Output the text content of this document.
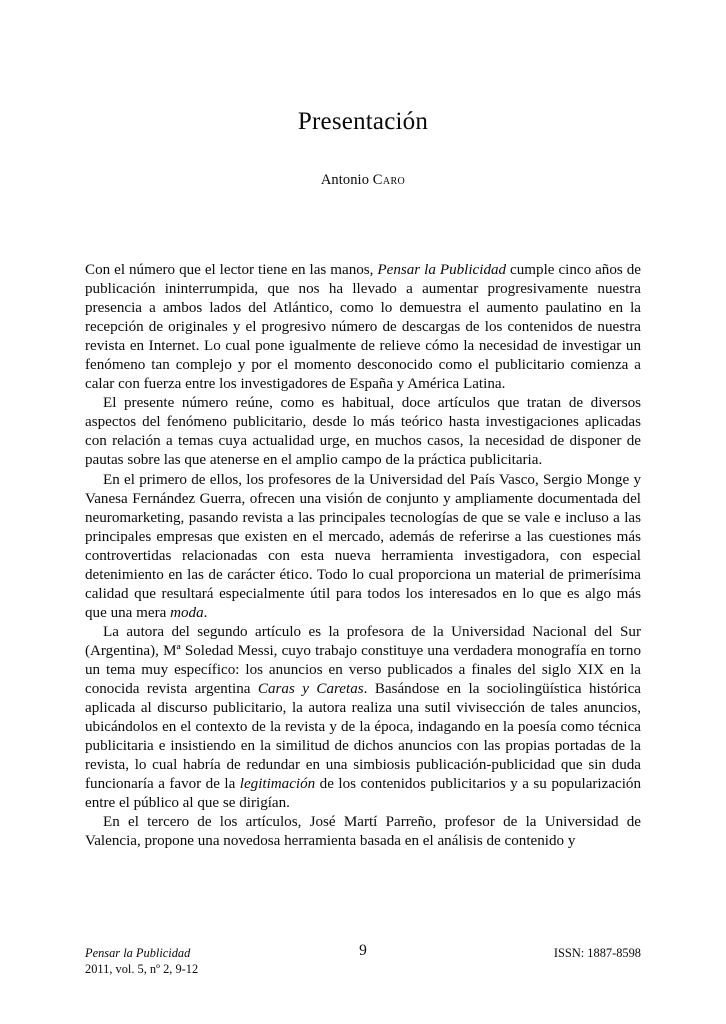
Presentación

Antonio Caro

Con el número que el lector tiene en las manos, Pensar la Publicidad cumple cinco años de publicación ininterrumpida, que nos ha llevado a aumentar progresivamente nuestra presencia a ambos lados del Atlántico, como lo demuestra el aumento paulatino en la recepción de originales y el progresivo número de descargas de los contenidos de nuestra revista en Internet. Lo cual pone igualmente de relieve cómo la necesidad de investigar un fenómeno tan complejo y por el momento desconocido como el publicitario comienza a calar con fuerza entre los investigadores de España y América Latina.

El presente número reúne, como es habitual, doce artículos que tratan de diversos aspectos del fenómeno publicitario, desde lo más teórico hasta investigaciones aplicadas con relación a temas cuya actualidad urge, en muchos casos, la necesidad de disponer de pautas sobre las que atenerse en el amplio campo de la práctica publicitaria.

En el primero de ellos, los profesores de la Universidad del País Vasco, Sergio Monge y Vanesa Fernández Guerra, ofrecen una visión de conjunto y ampliamente documentada del neuromarketing, pasando revista a las principales tecnologías de que se vale e incluso a las principales empresas que existen en el mercado, además de referirse a las cuestiones más controvertidas relacionadas con esta nueva herramienta investigadora, con especial detenimiento en las de carácter ético. Todo lo cual proporciona un material de primerísima calidad que resultará especialmente útil para todos los interesados en lo que es algo más que una mera moda.

La autora del segundo artículo es la profesora de la Universidad Nacional del Sur (Argentina), Mª Soledad Messi, cuyo trabajo constituye una verdadera monografía en torno un tema muy específico: los anuncios en verso publicados a finales del siglo XIX en la conocida revista argentina Caras y Caretas. Basándose en la sociolingüística histórica aplicada al discurso publicitario, la autora realiza una sutil vivisección de tales anuncios, ubicándolos en el contexto de la revista y de la época, indagando en la poesía como técnica publicitaria e insistiendo en la similitud de dichos anuncios con las propias portadas de la revista, lo cual habría de redundar en una simbiosis publicación-publicidad que sin duda funcionaría a favor de la legitimación de los contenidos publicitarios y a su popularización entre el público al que se dirigían.

En el tercero de los artículos, José Martí Parreño, profesor de la Universidad de Valencia, propone una novedosa herramienta basada en el análisis de contenido y

Pensar la Publicidad
2011, vol. 5, nº 2, 9-12
9	ISSN: 1887-8598
